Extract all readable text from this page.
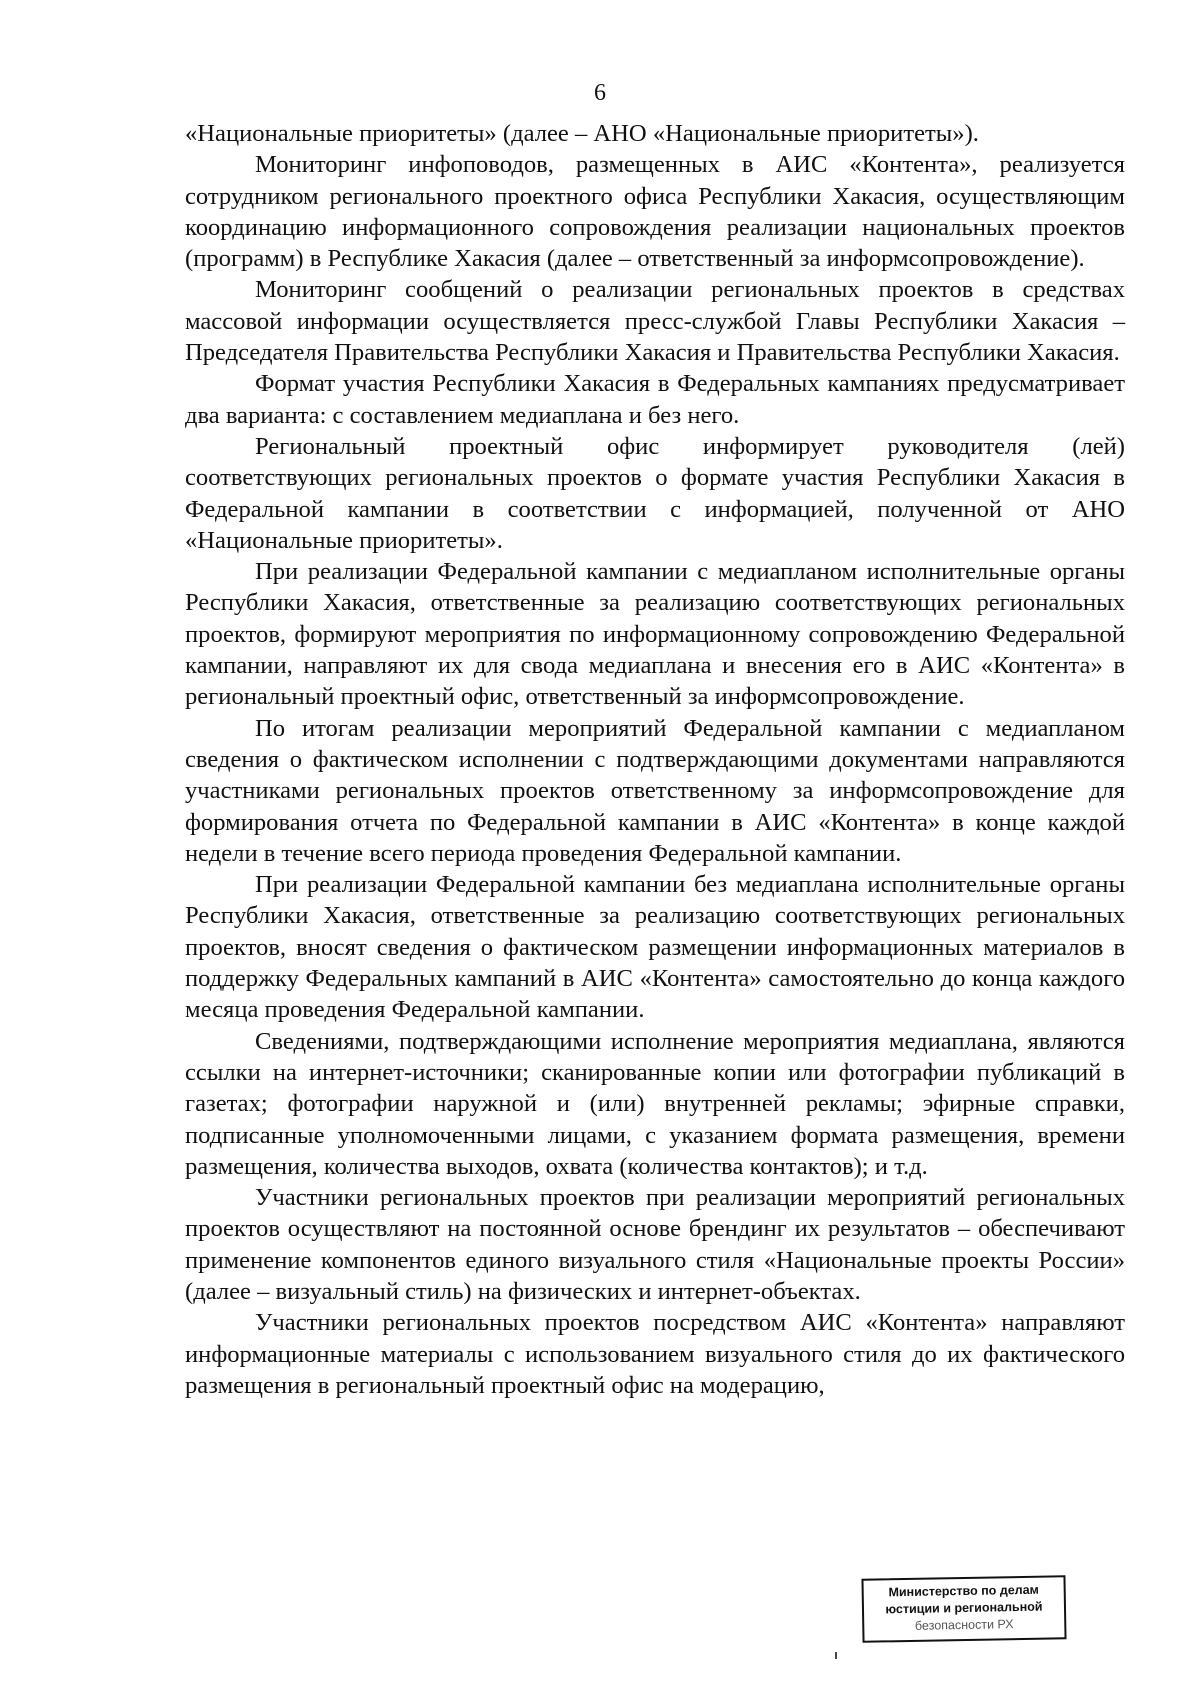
6

«Национальные приоритеты» (далее – АНО «Национальные приоритеты»).

Мониторинг инфоповодов, размещенных в АИС «Контента», реализуется сотрудником регионального проектного офиса Республики Хакасия, осуществляющим координацию информационного сопровождения реализации национальных проектов (программ) в Республике Хакасия (далее – ответственный за информсопровождение).

Мониторинг сообщений о реализации региональных проектов в средствах массовой информации осуществляется пресс-службой Главы Республики Хакасия – Председателя Правительства Республики Хакасия и Правительства Республики Хакасия.

Формат участия Республики Хакасия в Федеральных кампаниях предусматривает два варианта: с составлением медиаплана и без него.

Региональный проектный офис информирует руководителя (лей) соответствующих региональных проектов о формате участия Республики Хакасия в Федеральной кампании в соответствии с информацией, полученной от АНО «Национальные приоритеты».

При реализации Федеральной кампании с медиапланом исполнительные органы Республики Хакасия, ответственные за реализацию соответствующих региональных проектов, формируют мероприятия по информационному сопровождению Федеральной кампании, направляют их для свода медиаплана и внесения его в АИС «Контента» в региональный проектный офис, ответственный за информсопровождение.

По итогам реализации мероприятий Федеральной кампании с медиапланом сведения о фактическом исполнении с подтверждающими документами направляются участниками региональных проектов ответственному за информсопровождение для формирования отчета по Федеральной кампании в АИС «Контента» в конце каждой недели в течение всего периода проведения Федеральной кампании.

При реализации Федеральной кампании без медиаплана исполнительные органы Республики Хакасия, ответственные за реализацию соответствующих региональных проектов, вносят сведения о фактическом размещении информационных материалов в поддержку Федеральных кампаний в АИС «Контента» самостоятельно до конца каждого месяца проведения Федеральной кампании.

Сведениями, подтверждающими исполнение мероприятия медиаплана, являются ссылки на интернет-источники; сканированные копии или фотографии публикаций в газетах; фотографии наружной и (или) внутренней рекламы; эфирные справки, подписанные уполномоченными лицами, с указанием формата размещения, времени размещения, количества выходов, охвата (количества контактов); и т.д.

Участники региональных проектов при реализации мероприятий региональных проектов осуществляют на постоянной основе брендинг их результатов – обеспечивают применение компонентов единого визуального стиля «Национальные проекты России» (далее – визуальный стиль) на физических и интернет-объектах.

Участники региональных проектов посредством АИС «Контента» направляют информационные материалы с использованием визуального стиля до их фактического размещения в региональный проектный офис на модерацию,

Министерство по делам
юстиции и региональной
безопасности РХ
